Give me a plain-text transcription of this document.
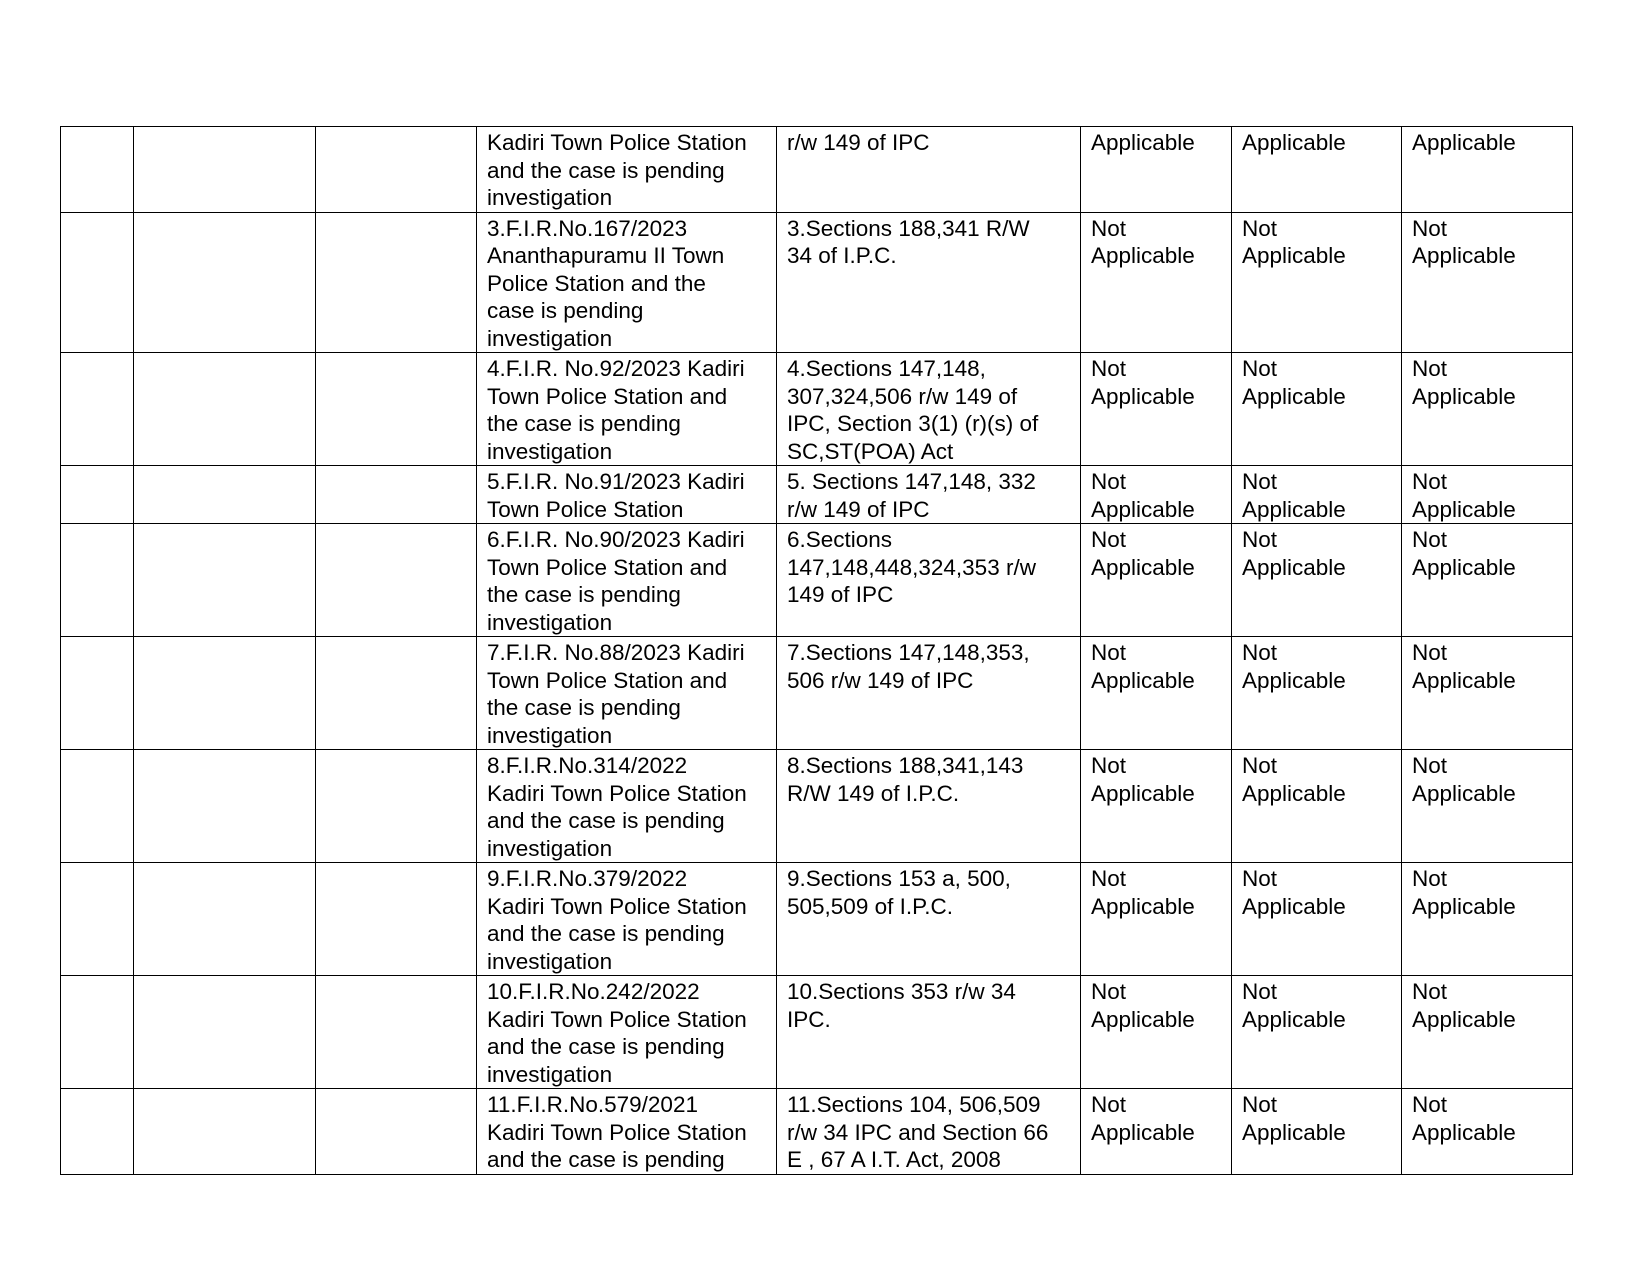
			Kadiri Town Police Station
and the case is pending
investigation	r/w 149 of IPC	Applicable	Applicable	Applicable

			3.F.I.R.No.167/2023
Ananthapuramu II Town
Police Station and the
case is pending
investigation	3.Sections 188,341 R/W
34 of I.P.C.	Not
Applicable	Not
Applicable	Not
Applicable

			4.F.I.R. No.92/2023 Kadiri
Town Police Station and
the case is pending
investigation	4.Sections 147,148,
307,324,506 r/w 149 of
IPC, Section 3(1) (r)(s) of
SC,ST(POA) Act	Not
Applicable	Not
Applicable	Not
Applicable

			5.F.I.R. No.91/2023 Kadiri
Town Police Station	5. Sections 147,148, 332
r/w 149 of IPC	Not
Applicable	Not
Applicable	Not
Applicable

			6.F.I.R. No.90/2023 Kadiri
Town Police Station and
the case is pending
investigation	6.Sections
147,148,448,324,353 r/w
149 of IPC	Not
Applicable	Not
Applicable	Not
Applicable

			7.F.I.R. No.88/2023 Kadiri
Town Police Station and
the case is pending
investigation	7.Sections 147,148,353,
506 r/w 149 of IPC	Not
Applicable	Not
Applicable	Not
Applicable

			8.F.I.R.No.314/2022
Kadiri Town Police Station
and the case is pending
investigation	8.Sections 188,341,143
R/W 149 of I.P.C.	Not
Applicable	Not
Applicable	Not
Applicable

			9.F.I.R.No.379/2022
Kadiri Town Police Station
and the case is pending
investigation	9.Sections 153 a, 500,
505,509 of I.P.C.	Not
Applicable	Not
Applicable	Not
Applicable

			10.F.I.R.No.242/2022
Kadiri Town Police Station
and the case is pending
investigation	10.Sections 353 r/w 34
IPC.	Not
Applicable	Not
Applicable	Not
Applicable

			11.F.I.R.No.579/2021
Kadiri Town Police Station
and the case is pending	11.Sections 104, 506,509
r/w 34 IPC and Section 66
E , 67 A I.T. Act, 2008	Not
Applicable	Not
Applicable	Not
Applicable
